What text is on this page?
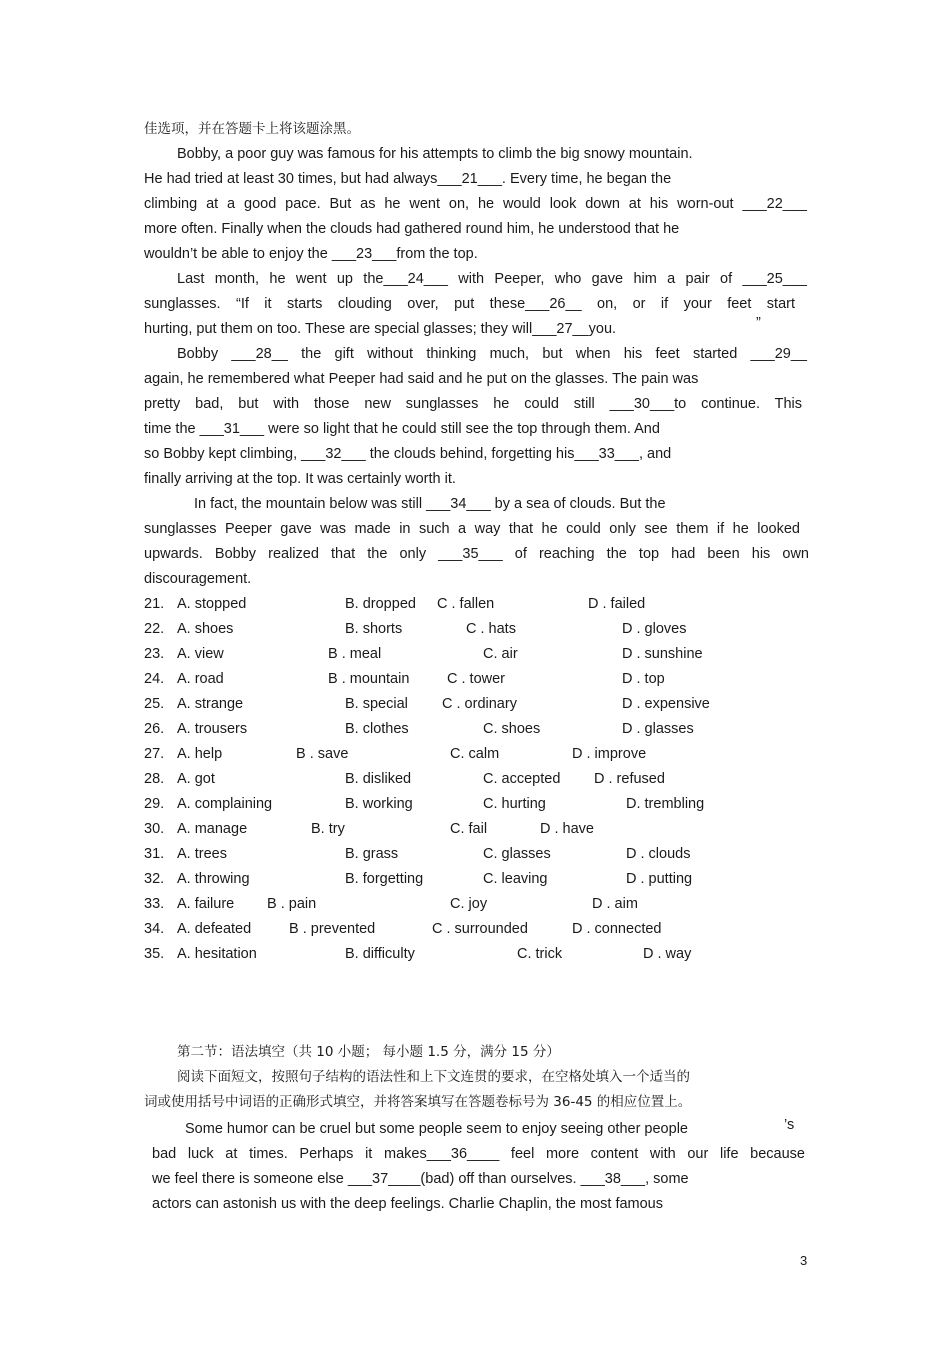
佳选项，并在答题卡上将该题涂黑。
Bobby, a poor guy was famous for his attempts to climb the big snowy mountain.
He had tried at least 30 times, but had always___21___. Every time, he began the
climbing at a good pace. But as he went on, he would look down at his worn-out ___22___
more often. Finally when the clouds had gathered round him, he understood that he
wouldn’t be able to enjoy the ___23___from the top.
Last month, he went up the___24___ with Peeper, who gave him a pair of ___25___
sunglasses. “If it starts clouding over, put these___26__ on, or if your feet start
hurting, put them on too. These are special glasses; they will___27__you.	”
Bobby ___28__ the gift without thinking much, but when his feet started ___29__
again, he remembered what Peeper had said and he put on the glasses. The pain was
pretty bad, but with those new sunglasses he could still ___30___to continue. This
time the ___31___ were so light that he could still see the top through them. And
so Bobby kept climbing, ___32___ the clouds behind, forgetting his___33___, and
finally arriving at the top. It was certainly worth it.
In fact, the mountain below was still ___34___ by a sea of clouds. But the
sunglasses Peeper gave was made in such a way that he could only see them if he looked
upwards. Bobby realized that the only ___35___ of reaching the top had been his own
discouragement.
21. A. stopped	B. dropped C . fallen	D . failed
22. A. shoes	B. shorts	C . hats	D . gloves
23. A. view	B . meal	C. air	D . sunshine
24. A. road	B . mountain	C . tower	D . top
25. A. strange	B. special C . ordinary	D . expensive
26. A. trousers	B. clothes	C. shoes	D . glasses
27. A. help	B . save	C. calm	D . improve
28. A. got	B. disliked	C. accepted D . refused
29. A. complaining	B. working	C. hurting	D. trembling
30. A. manage	B. try	C. fail	D . have
31. A. trees	B. grass	C. glasses	D . clouds
32. A. throwing	B. forgetting	C. leaving	D . putting
33. A. failure B . pain	C. joy	D . aim
34. A. defeated	B . prevented	C . surrounded	D . connected
35. A. hesitation	B. difficulty	C. trick	D . way
第二节：语法填空（共 10 小题； 每小题 1.5 分，满分 15 分）
阅读下面短文，按照句子结构的语法性和上下文连贯的要求，在空格处填入一个适当的
词或使用括号中词语的正确形式填空，并将答案填写在答题卷标号为 36-45 的相应位置上。
Some humor can be cruel but some people seem to enjoy seeing other people	’s
bad luck at times. Perhaps it makes___36____ feel more content with our life because
we feel there is someone else ___37____(bad) off than ourselves. ___38___, some
actors can astonish us with the deep feelings. Charlie Chaplin, the most famous
3
